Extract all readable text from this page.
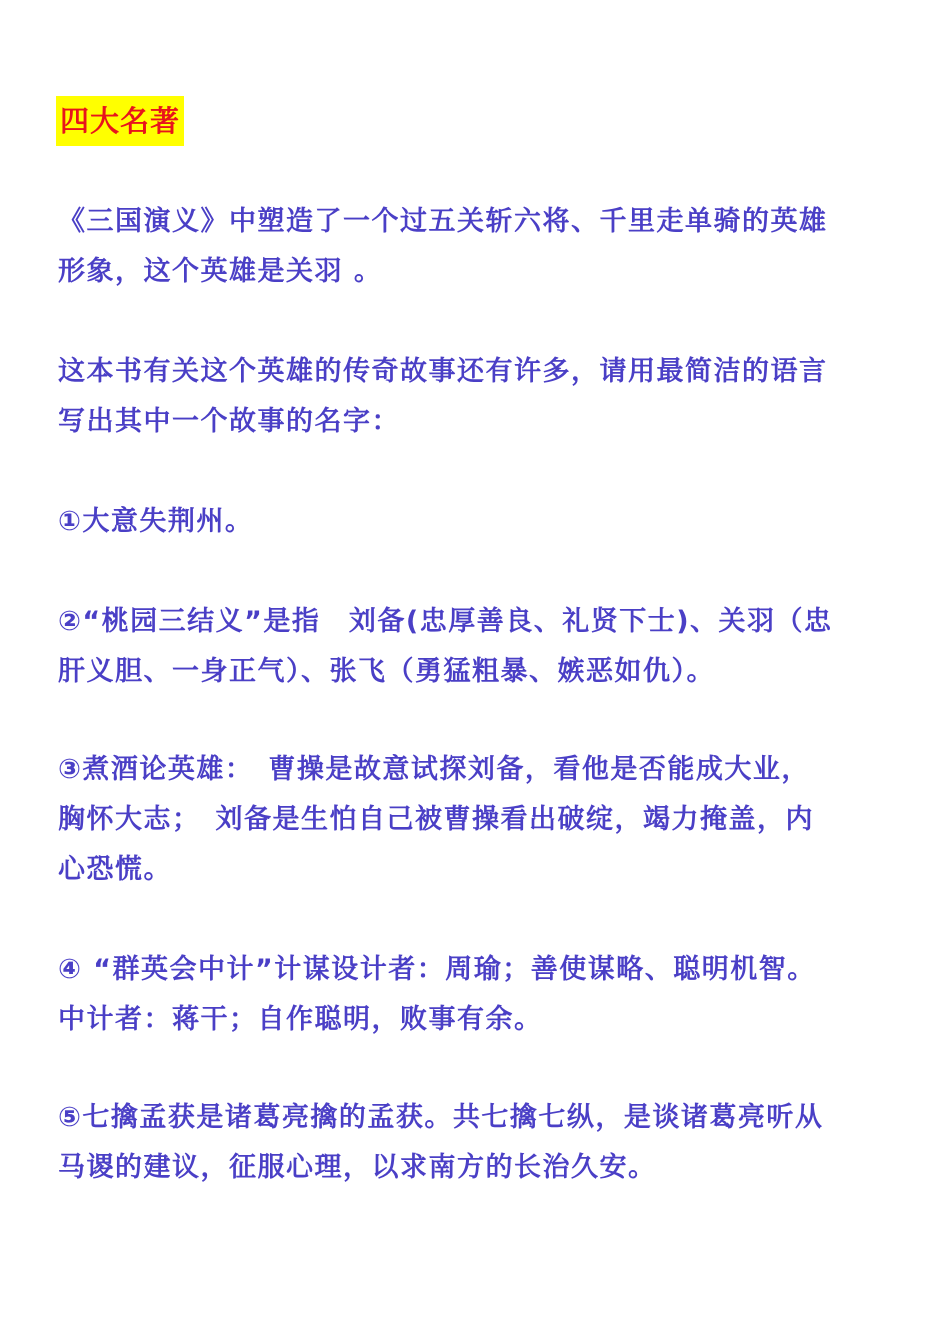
四大名著
《三国演义》中塑造了一个过五关斩六将、千里走单骑的英雄
形象，这个英雄是关羽 。
这本书有关这个英雄的传奇故事还有许多，请用最简洁的语言
写出其中一个故事的名字：
①大意失荆州。
②“桃园三结义”是指　刘备(忠厚善良、礼贤下士)、关羽（忠
肝义胆、一身正气）、张飞（勇猛粗暴、嫉恶如仇）。
③煮酒论英雄：　曹操是故意试探刘备，看他是否能成大业，
胸怀大志；　刘备是生怕自己被曹操看出破绽，竭力掩盖，内
心恐慌。
④ “群英会中计”计谋设计者：周瑜；善使谋略、聪明机智。
中计者：蒋干；自作聪明，败事有余。
⑤七擒孟获是诸葛亮擒的孟获。共七擒七纵，是谈诸葛亮听从
马谡的建议，征服心理，以求南方的长治久安。
